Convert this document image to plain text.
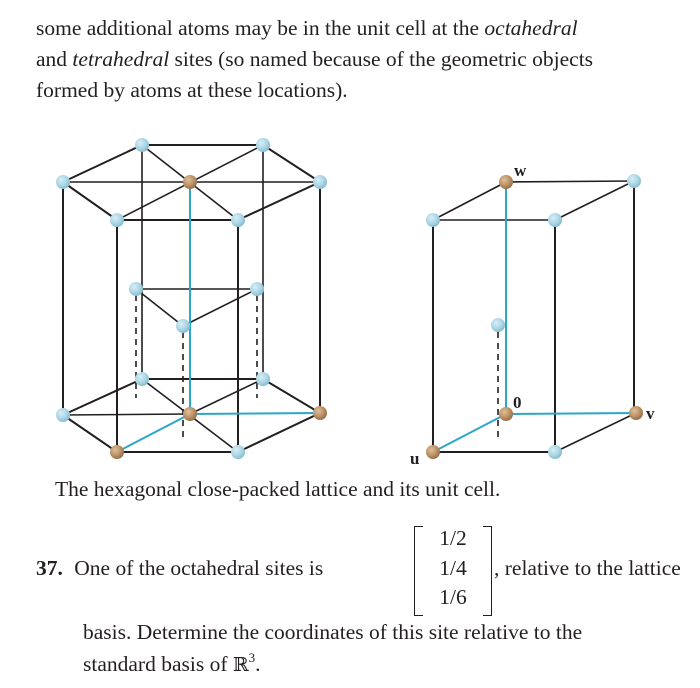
some additional atoms may be in the unit cell at the octahedral

and tetrahedral sites (so named because of the geometric objects

formed by atoms at these locations).

w
0
v
u
The hexagonal close-packed lattice and its unit cell.
37. One of the octahedral sites is
1/2
1/4
1/6
, relative to the lattice
basis. Determine the coordinates of this site relative to the
standard basis of ℝ$^3$.
